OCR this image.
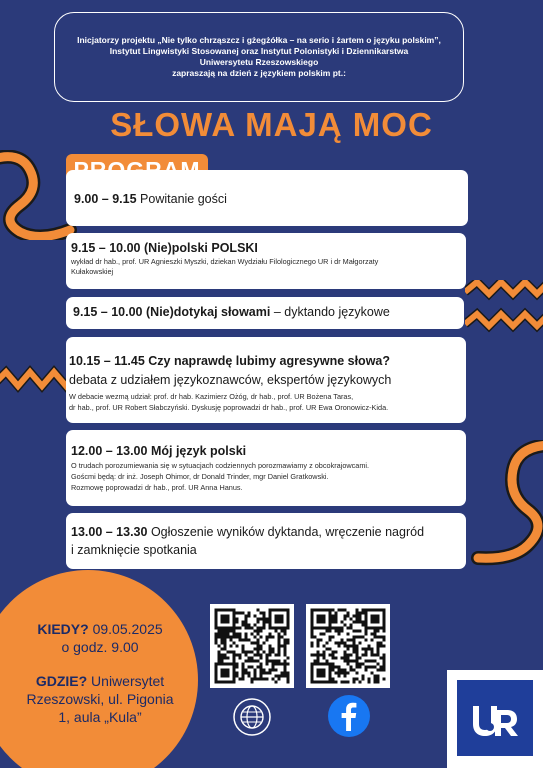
Inicjatorzy projektu „Nie tylko chrząszcz i gżegżółka – na serio i żartem o języku polskim”,
Instytut Lingwistyki Stosowanej oraz Instytut Polonistyki i Dziennikarstwa
Uniwersytetu Rzeszowskiego
zapraszają na dzień z językiem polskim pt.:
SŁOWA MAJĄ MOC
9.00 – 9.15 Powitanie gości
9.15 – 10.00 (Nie)polski POLSKI
wykład dr hab., prof. UR Agnieszki Myszki, dziekan Wydziału Filologicznego UR i dr Małgorzaty
Kułakowskiej
9.15 – 10.00 (Nie)dotykaj słowami – dyktando językowe
10.15 – 11.45 Czy naprawdę lubimy agresywne słowa?
debata z udziałem językoznawców, ekspertów językowych
W debacie wezmą udział: prof. dr hab. Kazimierz Ożóg, dr hab., prof. UR Bożena Taras,
dr hab., prof. UR Robert Słabczyński. Dyskusję poprowadzi dr hab., prof. UR Ewa Oronowicz-Kida.
12.00 – 13.00 Mój język polski
O trudach porozumiewania się w sytuacjach codziennych porozmawiamy z obcokrajowcami.
Goścmi będą: dr inż. Joseph Ohimor, dr Donald Trinder, mgr Daniel Gratkowski.
Rozmowę poprowadzi dr hab., prof. UR Anna Hanus.
13.00 – 13.30 Ogłoszenie wyników dyktanda, wręczenie nagród
i zamknięcie spotkania
KIEDY? 09.05.2025
o godz. 9.00
GDZIE? Uniwersytet
Rzeszowski, ul. Pigonia
1, aula „Kula”
